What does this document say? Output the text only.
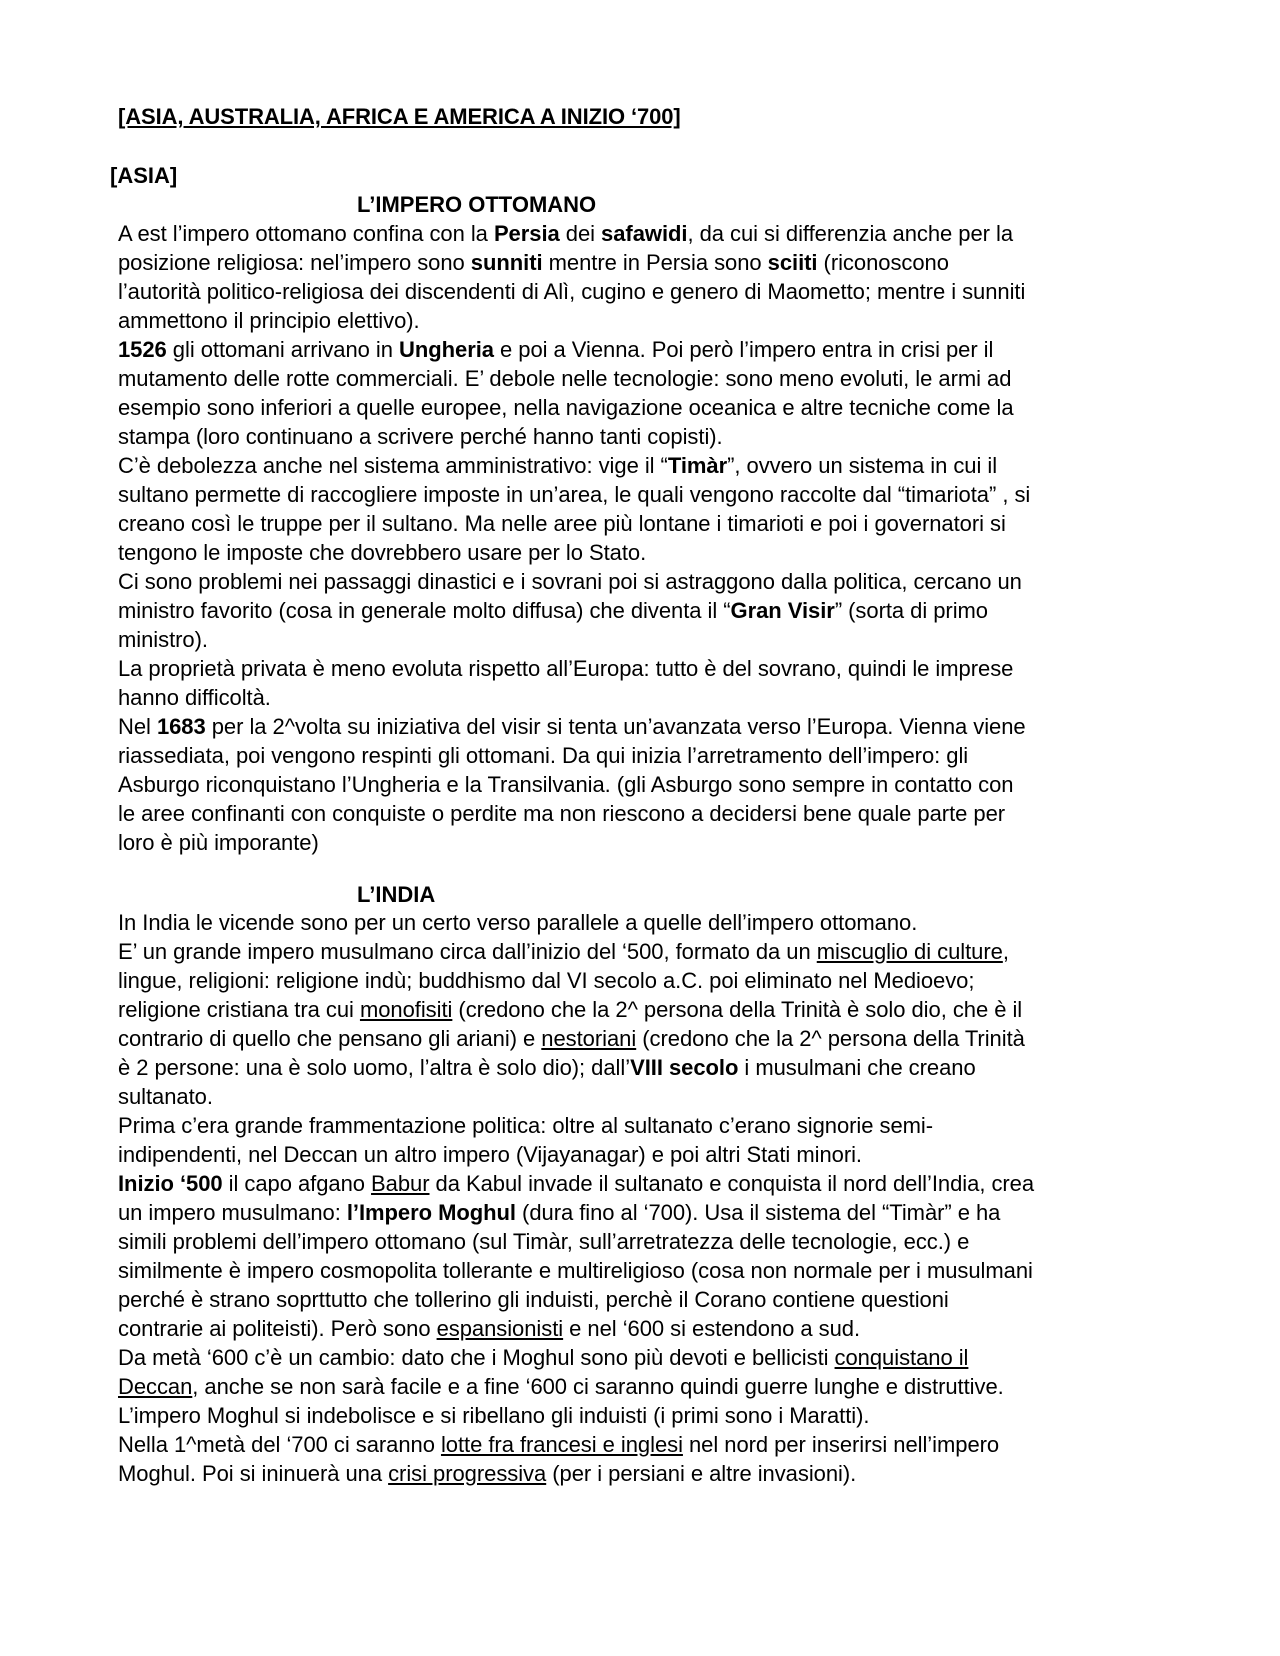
[ASIA, AUSTRALIA, AFRICA E AMERICA A INIZIO ‘700]
[ASIA]
L’IMPERO OTTOMANO

A est l’impero ottomano confina con la Persia dei safawidi, da cui si differenzia anche per la
posizione religiosa: nel’impero sono sunniti mentre in Persia sono sciiti (riconoscono
l’autorità politico-religiosa dei discendenti di Alì, cugino e genero di Maometto; mentre i sunniti
ammettono il principio elettivo).

1526 gli ottomani arrivano in Ungheria e poi a Vienna. Poi però l’impero entra in crisi per il
mutamento delle rotte commerciali. E’ debole nelle tecnologie: sono meno evoluti, le armi ad
esempio sono inferiori a quelle europee, nella navigazione oceanica e altre tecniche come la
stampa (loro continuano a scrivere perché hanno tanti copisti).

C’è debolezza anche nel sistema amministrativo: vige il “Timàr”, ovvero un sistema in cui il
sultano permette di raccogliere imposte in un’area, le quali vengono raccolte dal “timariota” , si
creano così le truppe per il sultano. Ma nelle aree più lontane i timarioti e poi i governatori si
tengono le imposte che dovrebbero usare per lo Stato.

Ci sono problemi nei passaggi dinastici e i sovrani poi si astraggono dalla politica, cercano un
ministro favorito (cosa in generale molto diffusa) che diventa il “Gran Visir” (sorta di primo
ministro).

La proprietà privata è meno evoluta rispetto all’Europa: tutto è del sovrano, quindi le imprese
hanno difficoltà.

Nel 1683 per la 2^volta su iniziativa del visir si tenta un’avanzata verso l’Europa. Vienna viene
riassediata, poi vengono respinti gli ottomani. Da qui inizia l’arretramento dell’impero: gli
Asburgo riconquistano l’Ungheria e la Transilvania. (gli Asburgo sono sempre in contatto con
le aree confinanti con conquiste o perdite ma non riescono a decidersi bene quale parte per
loro è più imporante)

L’INDIA

In India le vicende sono per un certo verso parallele a quelle dell’impero ottomano.

E’ un grande impero musulmano circa dall’inizio del ‘500, formato da un miscuglio di culture,
lingue, religioni: religione indù; buddhismo dal VI secolo a.C. poi eliminato nel Medioevo;
religione cristiana tra cui monofisiti (credono che la 2^ persona della Trinità è solo dio, che è il
contrario di quello che pensano gli ariani) e nestoriani (credono che la 2^ persona della Trinità
è 2 persone: una è solo uomo, l’altra è solo dio); dall’VIII secolo i musulmani che creano
sultanato.

Prima c’era grande frammentazione politica: oltre al sultanato c’erano signorie semi-
indipendenti, nel Deccan un altro impero (Vijayanagar) e poi altri Stati minori.

Inizio ‘500 il capo afgano Babur da Kabul invade il sultanato e conquista il nord dell’India, crea
un impero musulmano: l’Impero Moghul (dura fino al ‘700). Usa il sistema del “Timàr” e ha
simili problemi dell’impero ottomano (sul Timàr, sull’arretratezza delle tecnologie, ecc.) e
similmente è impero cosmopolita tollerante e multireligioso (cosa non normale per i musulmani
perché è strano soprttutto che tollerino gli induisti, perchè il Corano contiene questioni
contrarie ai politeisti). Però sono espansionisti e nel ‘600 si estendono a sud.

Da metà ‘600 c’è un cambio: dato che i Moghul sono più devoti e bellicisti conquistano il
Deccan, anche se non sarà facile e a fine ‘600 ci saranno quindi guerre lunghe e distruttive.
L’impero Moghul si indebolisce e si ribellano gli induisti (i primi sono i Maratti).

Nella 1^metà del ‘700 ci saranno lotte fra francesi e inglesi nel nord per inserirsi nell’impero
Moghul. Poi si ininuerà una crisi progressiva (per i persiani e altre invasioni).
